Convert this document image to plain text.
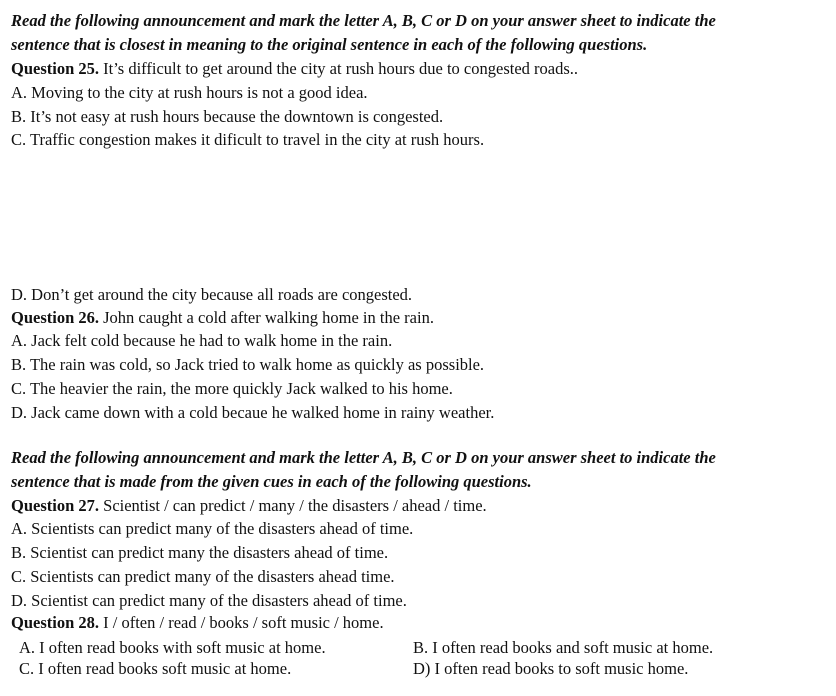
Read the following announcement and mark the letter A, B, C or D on your answer sheet to indicate the
sentence that is closest in meaning to the original sentence in each of the following questions.
Question 25. It’s difficult to get around the city at rush hours due to congested roads..
A. Moving to the city at rush hours is not a good idea.
B. It’s not easy at rush hours because the downtown is congested.
C. Traffic congestion makes it dificult to travel in the city at rush hours.
D. Don’t get around the city because all roads are congested.
Question 26. John caught a cold after walking home in the rain.
A. Jack felt cold because he had to walk home in the rain.
B. The rain was cold, so Jack tried to walk home as quickly as possible.
C. The heavier the rain, the more quickly Jack walked to his home.
D. Jack came down with a cold becaue he walked home in rainy weather.
Read the following announcement and mark the letter A, B, C or D on your answer sheet to indicate the
sentence that is made from the given cues in each of the following questions.
Question 27. Scientist / can predict / many / the disasters / ahead / time.
A. Scientists can predict many of the disasters ahead of time.
B. Scientist can predict many the disasters ahead of time.
C. Scientists can predict many of the disasters ahead time.
D. Scientist can predict many of the disasters ahead of time.
Question 28. I / often / read / books / soft music / home.
A. I often read books with soft music at home.	B. I often read books and soft music at home.
C. I often read books soft music at home.	D) I often read books to soft music home.
